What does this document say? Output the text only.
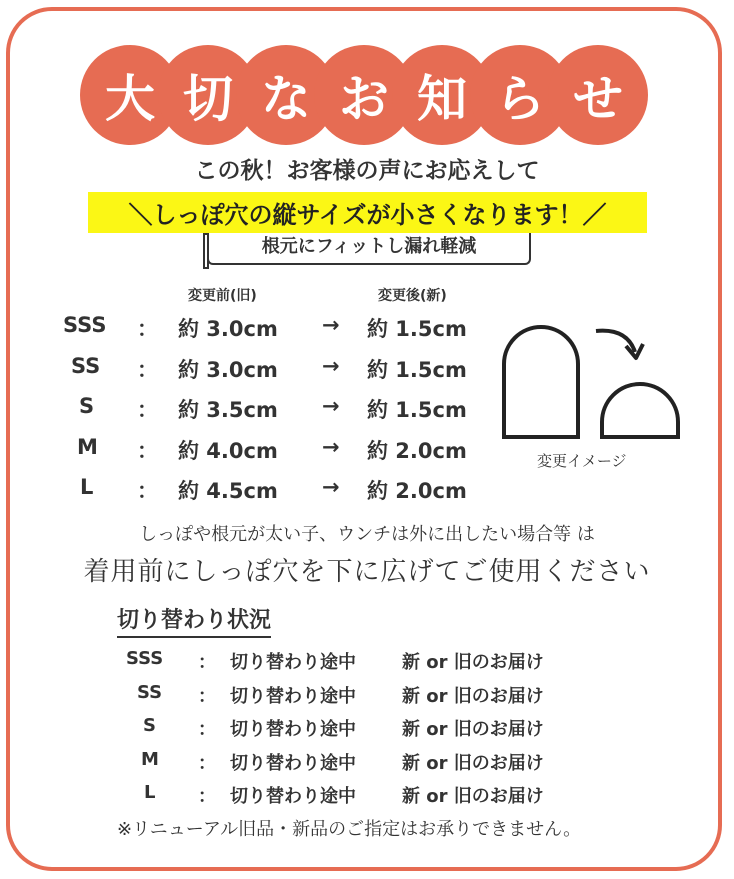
大 切 な お 知 ら せ
この秋！お客様の声にお応えして
＼しっぽ穴の縦サイズが小さくなります！／
根元にフィットし漏れ軽減
変更前(旧)	変更後(新)
SSS ： 約 3.0cm → 約 1.5cm
SS ： 約 3.0cm → 約 1.5cm
S ： 約 3.5cm → 約 1.5cm
M ： 約 4.0cm → 約 2.0cm
L ： 約 4.5cm → 約 2.0cm
変更イメージ
しっぽや根元が太い子、ウンチは外に出したい場合等 は
着用前にしっぽ穴を下に広げてご使用ください
切り替わり状況
SSS ： 切り替わり途中	新 or 旧のお届け
SS ： 切り替わり途中	新 or 旧のお届け
S ： 切り替わり途中	新 or 旧のお届け
M ： 切り替わり途中	新 or 旧のお届け
L ： 切り替わり途中	新 or 旧のお届け
※リニューアル旧品・新品のご指定はお承りできません。
